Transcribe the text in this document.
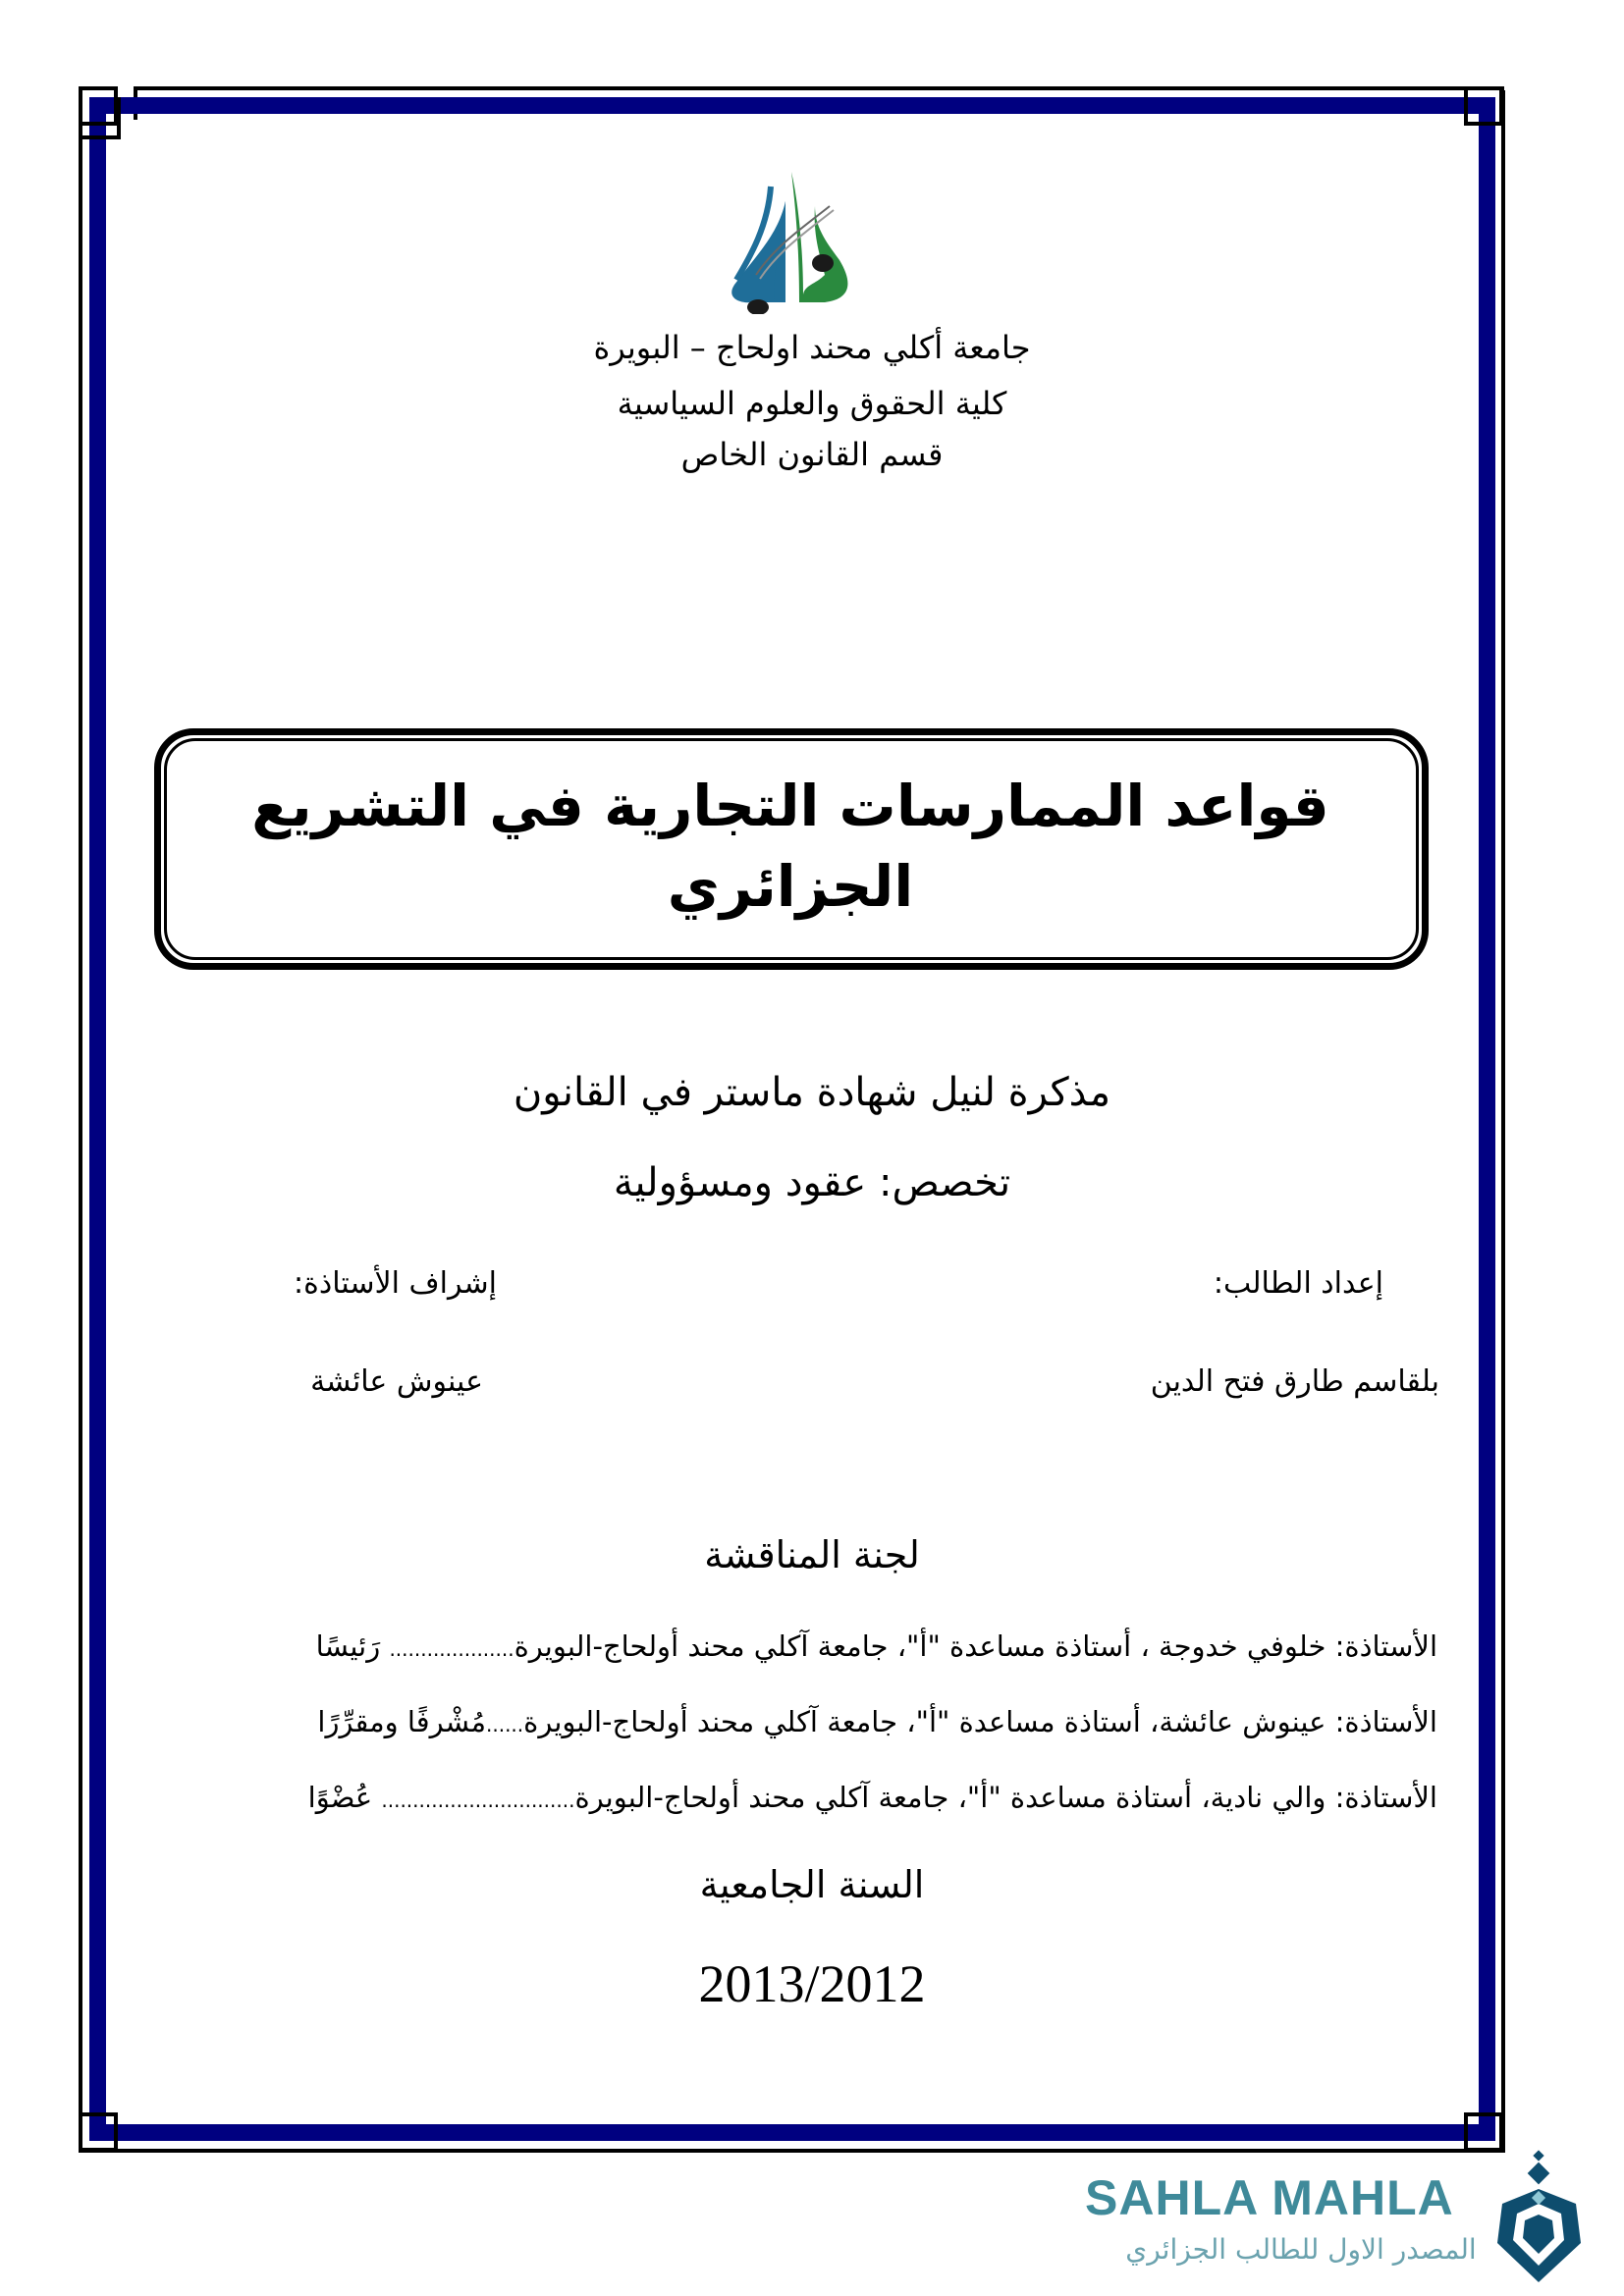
جامعة أكلي محند اولحاج – البويرة
كلية الحقوق والعلوم السياسية
قسم القانون الخاص
قواعد الممارسات التجارية في التشريع
الجزائري
مذكرة لنيل شهادة ماستر في القانون
تخصص: عقود ومسؤولية
إعداد الطالب:
إشراف الأستاذة:
بلقاسم طارق فتح الدين
عينوش عائشة
لجنة المناقشة
الأستاذة: خلوفي خدوجة ، أستاذة مساعدة "أ"، جامعة آكلي محند أولحاج-البويرة.................... رَئيسًا
الأستاذة: عينوش عائشة، أستاذة مساعدة "أ"، جامعة آكلي محند أولحاج-البويرة......مُشْرفًا ومقرِّرًا
الأستاذة: والي نادية، أستاذة مساعدة "أ"، جامعة آكلي محند أولحاج-البويرة............................... عُضْوًا
السنة الجامعية
2013/2012
SAHLA MAHLA
المصدر الاول للطالب الجزائري
